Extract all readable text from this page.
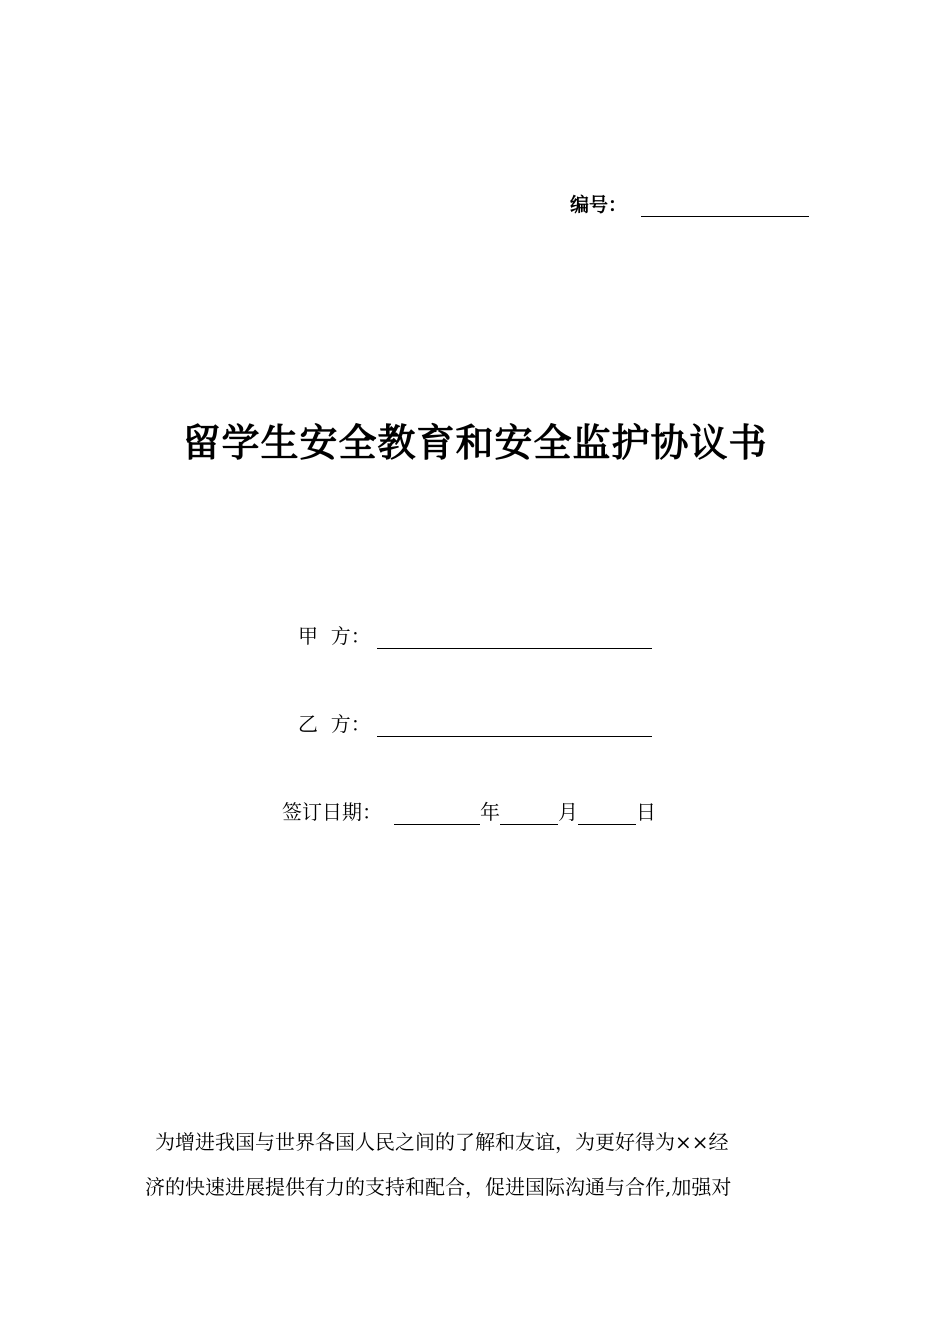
编号：
留学生安全教育和安全监护协议书
甲  方：
乙  方：
签订日期：	年	月	日
为增进我国与世界各国人民之间的了解和友谊，为更好得为××经
济的快速进展提供有力的支持和配合，促进国际沟通与合作,加强对
